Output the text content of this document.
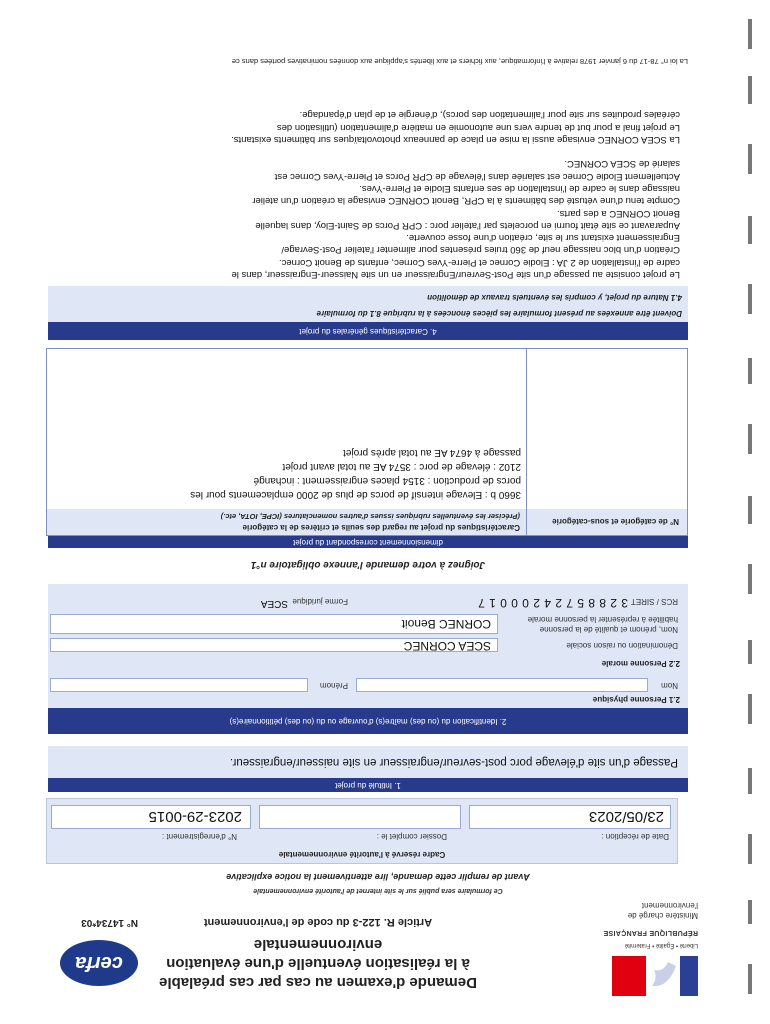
Liberté • Égalité • Fraternité
RÉPUBLIQUE FRANÇAISE
Ministère chargé de
l'environnement
Demande d'examen au cas par cas préalable
à la réalisation éventuelle d'une évaluation
environnementale
Article R. 122-3 du code de l'environnement
cerfa
N° 14734*03
Ce formulaire sera publié sur le site internet de l'autorité environnementale
Avant de remplir cette demande, lire attentivement la notice explicative
Cadre réservé à l'autorité environnementale
Date de réception :
Dossier complet le :
N° d'enregistrement :
23/05/2023
2023-29-0015
1. Intitulé du projet
Passage d'un site d'élevage porc post-sevreur/engraisseur en site naisseur/engraisseur.
2. Identification du (ou des) maître(s) d'ouvrage ou du (ou des) pétitionnaire(s)
2.1 Personne physique
Nom
Prénom
2.2 Personne morale
Dénomination ou raison sociale
SCEA CORNEC
Nom, prénom et qualité de la personne
habilitée à représenter la personne morale
CORNEC Benoit
RCS / SIRET
3 2 8 8 5 7 2 4 2 0 0 0 1 7
Forme juridique
SCEA
Joignez à votre demande l'annexe obligatoire n°1
dimensionnement correspondant du projet
N° de catégorie et sous-catégorie
Caractéristiques du projet au regard des seuils et critères de la catégorie
(Préciser les éventuelles rubriques issues d'autres nomenclatures (ICPE, IOTA, etc.)
3660 b : Elevage intensif de porcs de plus de 2000 emplacements pour les
porcs de production : 3154 places engraissement : inchangé
2102 : élevage de porc : 3574 AE au total avant projet
passage à 4674 AE au total après projet
4. Caractéristiques générales du projet
Doivent être annexées au présent formulaire les pièces énoncées à la rubrique 8.1 du formulaire
4.1 Nature du projet, y compris les éventuels travaux de démolition
Le projet consiste au passage d'un site Post-Sevreur/Engraisseur en un site Naisseur-Engraisseur, dans le
cadre de l'installation de 2 JA : Elodie Cornec et Pierre-Yves Cornec, enfants de Benoit Cornec.
Création d'un bloc naissage neuf de 360 truies présentes pour alimenter l'atelier Post-Sevrage/
Engraissement existant sur le site, création d'une fosse couverte.
Auparavant ce site était fourni en porcelets par l'atelier porc : CPR Porcs de Saint-Eloy, dans laquelle
Benoit CORNEC a des parts.
Compte tenu d'une vétusté des bâtiments à la CPR, Benoit CORNEC envisage la création d'un atelier
naissage dans le cadre de l'installation de ses enfants Elodie et Pierre-Yves.
Actuellement Elodie Cornec est salariée dans l'élevage de CPR Porcs et Pierre-Yves Cornec est
salarié de SCEA CORNEC.
La SCEA CORNEC envisage aussi la mise en place de panneaux photovoltaïques sur bâtiments existants.
Le projet final a pour but de tendre vers une autonomie en matière d'alimentation (utilisation des
céréales produites sur site pour l'alimentation des porcs), d'énergie et de plan d'épandage.
La loi n° 78-17 du 6 janvier 1978 relative à l'informatique, aux fichiers et aux libertés s'applique aux données nominatives portées dans ce
